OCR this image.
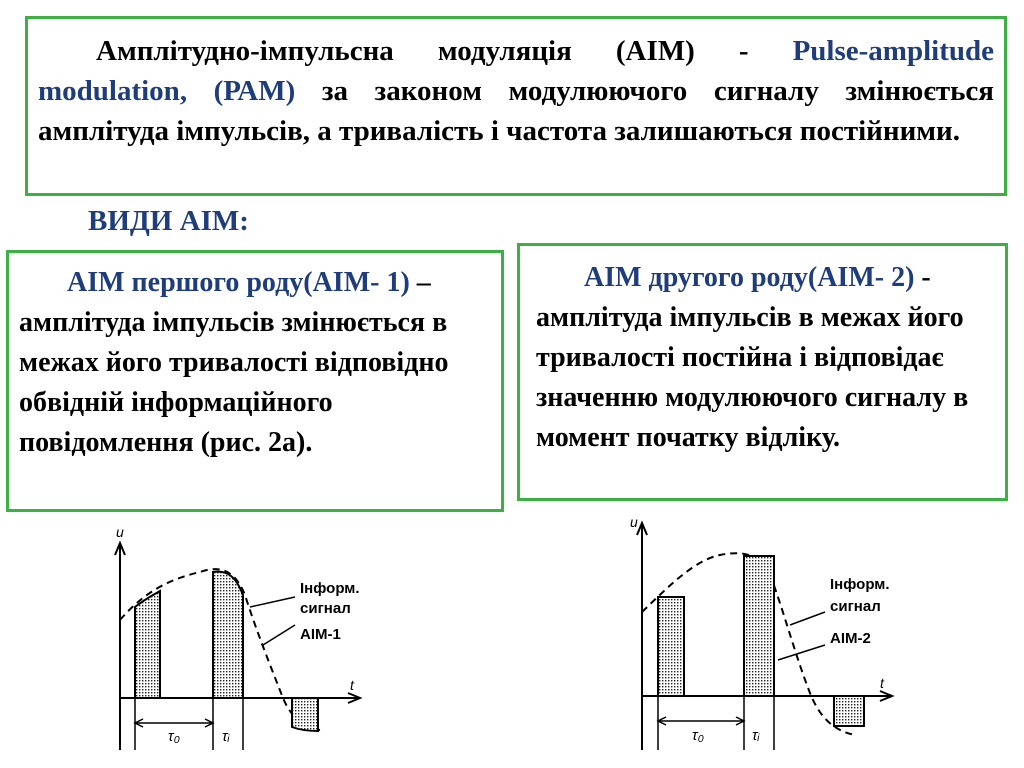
Амплітудно-імпульсна модуляція (АІМ) - Pulse-amplitude modulation, (РАМ) за законом модулюючого сигналу змінюється амплітуда імпульсів, а тривалість і частота залишаються постійними.
ВИДИ АІМ:
АІМ першого роду(АІМ- 1) – амплітуда імпульсів змінюється в межах його тривалості відповідно обвідній інформаційного повідомлення (рис. 2а).
АІМ другого роду(АІМ- 2) - амплітуда імпульсів в межах його тривалості постійна і відповідає значенню модулюючого сигналу в момент початку відліку.
u
t
τ₀	τᵢ
Інформ.
сигнал
АІМ-1
u
t
τ₀	τᵢ
Інформ.
сигнал
АІМ-2
